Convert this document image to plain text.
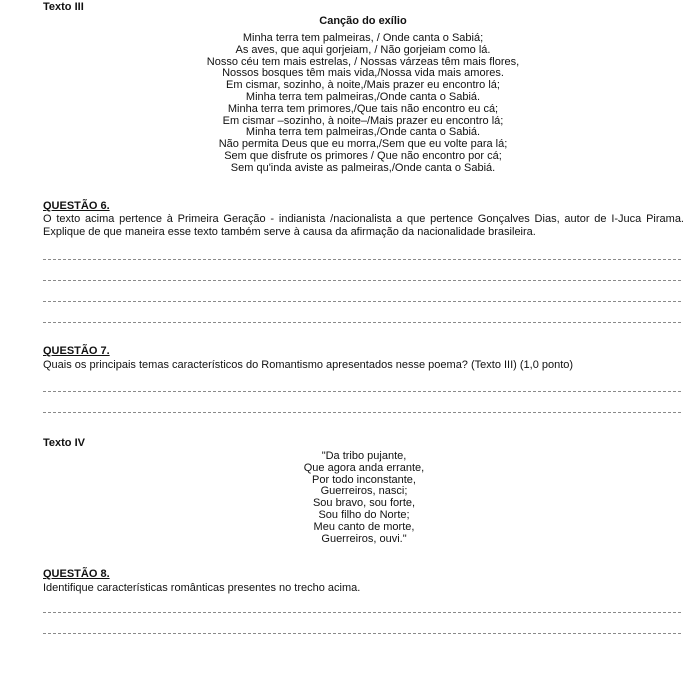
Texto III
Canção do exílio
Minha terra tem palmeiras, / Onde canta o Sabiá;
As aves, que aqui gorjeiam, / Não gorjeiam como lá.
Nosso céu tem mais estrelas, / Nossas várzeas têm mais flores,
Nossos bosques têm mais vida,/Nossa vida mais amores.
Em cismar, sozinho, à noite,/Mais prazer eu encontro lá;
Minha terra tem palmeiras,/Onde canta o Sabiá.
Minha terra tem primores,/Que tais não encontro eu cá;
Em cismar –sozinho, à noite–/Mais prazer eu encontro lá;
Minha terra tem palmeiras,/Onde canta o Sabiá.
Não permita Deus que eu morra,/Sem que eu volte para lá;
Sem que disfrute os primores / Que não encontro por cá;
Sem qu'inda aviste as palmeiras,/Onde canta o Sabiá.
QUESTÃO 6.
O texto acima pertence à Primeira Geração - indianista /nacionalista a que pertence Gonçalves Dias, autor de I-Juca Pirama. Explique de que maneira esse texto também serve à causa da afirmação da nacionalidade brasileira.
QUESTÃO 7.
Quais os principais temas característicos do Romantismo apresentados nesse poema? (Texto III) (1,0 ponto)
Texto IV
"Da tribo pujante,
Que agora anda errante,
Por todo inconstante,
Guerreiros, nasci;
Sou bravo, sou forte,
Sou filho do Norte;
Meu canto de morte,
Guerreiros, ouvi."
QUESTÃO 8.
Identifique características românticas presentes no trecho acima.
